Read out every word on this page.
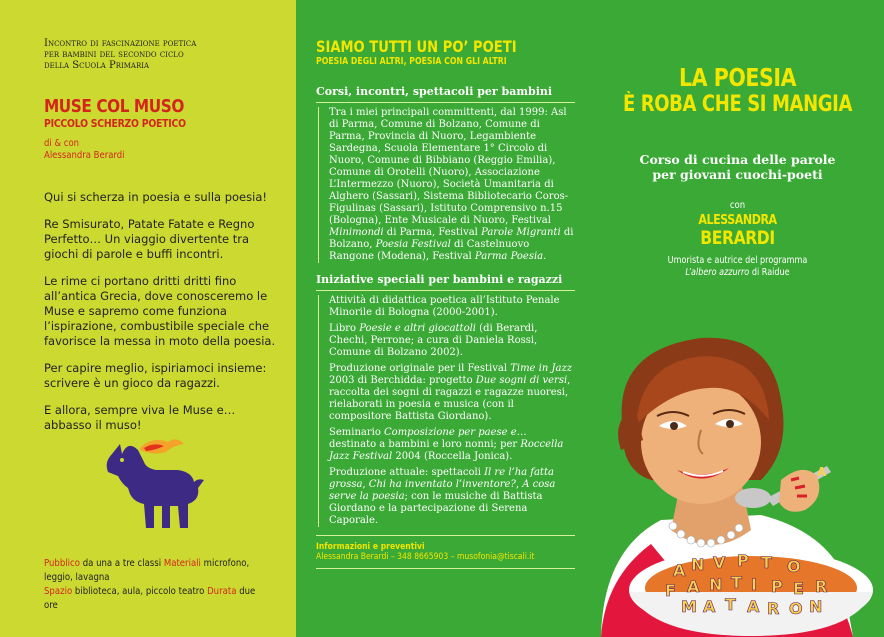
Incontro di fascinazione poetica
per bambini del secondo ciclo
della Scuola Primaria
MUSE COL MUSO
PICCOLO SCHERZO POETICO
di & con
Alessandra Berardi

Qui si scherza in poesia e sulla poesia!

Re Smisurato, Patate Fatate e Regno Perfetto… Un viaggio divertente tra giochi di parole e buffi incontri.

Le rime ci portano dritti dritti fino all’antica Grecia, dove conosceremo le Muse e sapremo come funziona l’ispirazione, combustibile speciale che favorisce la messa in moto della poesia.

Per capire meglio, ispiriamoci insieme: scrivere è un gioco da ragazzi.

E allora, sempre viva le Muse e… abbasso il muso!

Pubblico da una a tre classi Materiali microfono, leggio, lavagna
Spazio biblioteca, aula, piccolo teatro Durata due ore
SIAMO TUTTI UN PO’ POETI
POESIA DEGLI ALTRI, POESIA CON GLI ALTRI
Corsi, incontri, spettacoli per bambini

Tra i miei principali committenti, dal 1999: Asl di Parma, Comune di Bolzano, Comune di Parma, Provincia di Nuoro, Legambiente Sardegna, Scuola Elementare 1° Circolo di Nuoro, Comune di Bibbiano (Reggio Emilia), Comune di Orotelli (Nuoro), Associazione L’Intermezzo (Nuoro), Società Umanitaria di Alghero (Sassari), Sistema Bibliotecario Coros-Figulinas (Sassari), Istituto Comprensivo n.15 (Bologna), Ente Musicale di Nuoro, Festival Minimondi di Parma, Festival Parole Migranti di Bolzano, Poesia Festival di Castelnuovo Rangone (Modena), Festival Parma Poesia.

Iniziative speciali per bambini e ragazzi

Attività di didattica poetica all’Istituto Penale Minorile di Bologna (2000-2001).

Libro Poesie e altri giocattoli (di Berardi, Chechi, Perrone; a cura di Daniela Rossi, Comune di Bolzano 2002).

Produzione originale per il Festival Time in Jazz 2003 di Berchidda: progetto Due sogni di versi, raccolta dei sogni di ragazzi e ragazze nuoresi, rielaborati in poesia e musica (con il compositore Battista Giordano).

Seminario Composizione per paese e… destinato a bambini e loro nonni; per Roccella Jazz Festival 2004 (Roccella Jonica).

Produzione attuale: spettacoli Il re l’ha fatta grossa, Chi ha inventato l’inventore?, A cosa serve la poesia; con le musiche di Battista Giordano e la partecipazione di Serena Caporale.

Informazioni e preventivi
Alessandra Berardi – 348 8665903 – musofonia@tiscali.it
LA POESIA
È ROBA CHE SI MANGIA
Corso di cucina delle parole
per giovani cuochi-poeti
con
ALESSANDRA
BERARDI
Umorista e autrice del programma
L’albero azzurro di Raidue
A N V P T O
F A N T I P E R
M A T A R O N
A
